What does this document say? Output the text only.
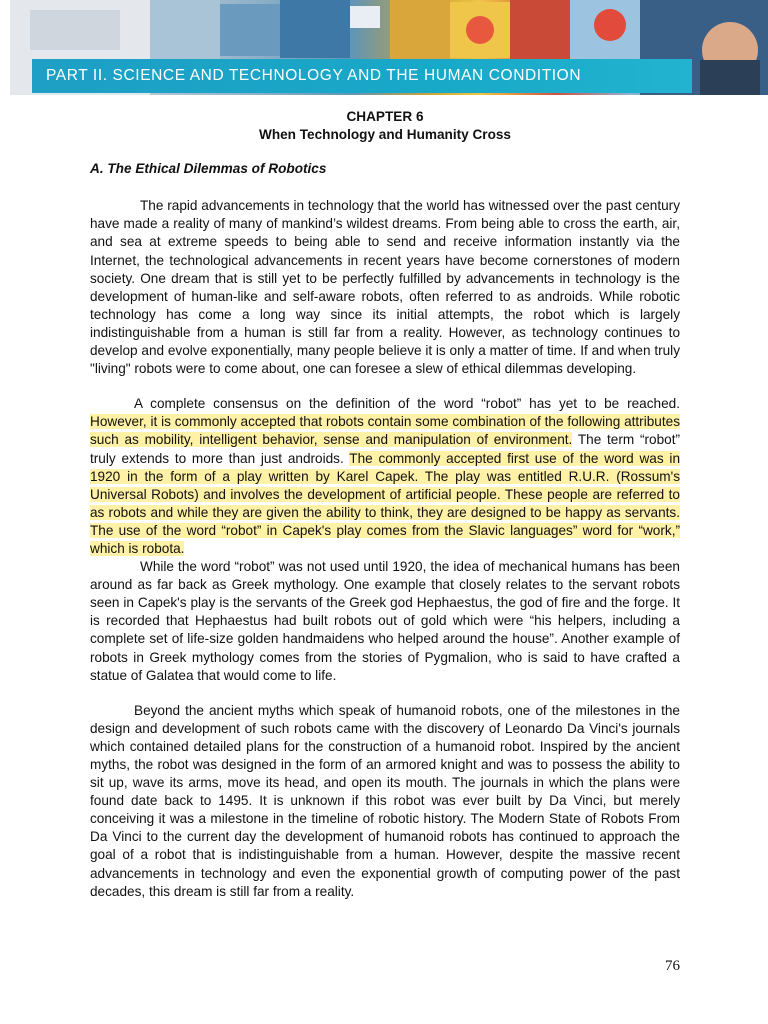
PART II. SCIENCE AND TECHNOLOGY AND THE HUMAN CONDITION
CHAPTER 6
When Technology and Humanity Cross
A. The Ethical Dilemmas of Robotics

The rapid advancements in technology that the world has witnessed over the past century have made a reality of many of mankind’s wildest dreams. From being able to cross the earth, air, and sea at extreme speeds to being able to send and receive information instantly via the Internet, the technological advancements in recent years have become cornerstones of modern society. One dream that is still yet to be perfectly fulfilled by advancements in technology is the development of human-like and self-aware robots, often referred to as androids. While robotic technology has come a long way since its initial attempts, the robot which is largely indistinguishable from a human is still far from a reality. However, as technology continues to develop and evolve exponentially, many people believe it is only a matter of time. If and when truly "living" robots were to come about, one can foresee a slew of ethical dilemmas developing.

A complete consensus on the definition of the word “robot” has yet to be reached. However, it is commonly accepted that robots contain some combination of the following attributes such as mobility, intelligent behavior, sense and manipulation of environment. The term “robot” truly extends to more than just androids. The commonly accepted first use of the word was in 1920 in the form of a play written by Karel Capek. The play was entitled R.U.R. (Rossum's Universal Robots) and involves the development of artificial people. These people are referred to as robots and while they are given the ability to think, they are designed to be happy as servants. The use of the word “robot” in Capek's play comes from the Slavic languages” word for “work,” which is robota.

While the word “robot” was not used until 1920, the idea of mechanical humans has been around as far back as Greek mythology. One example that closely relates to the servant robots seen in Capek's play is the servants of the Greek god Hephaestus, the god of fire and the forge. It is recorded that Hephaestus had built robots out of gold which were “his helpers, including a complete set of life-size golden handmaidens who helped around the house”. Another example of robots in Greek mythology comes from the stories of Pygmalion, who is said to have crafted a statue of Galatea that would come to life.

Beyond the ancient myths which speak of humanoid robots, one of the milestones in the design and development of such robots came with the discovery of Leonardo Da Vinci's journals which contained detailed plans for the construction of a humanoid robot. Inspired by the ancient myths, the robot was designed in the form of an armored knight and was to possess the ability to sit up, wave its arms, move its head, and open its mouth. The journals in which the plans were found date back to 1495. It is unknown if this robot was ever built by Da Vinci, but merely conceiving it was a milestone in the timeline of robotic history. The Modern State of Robots From Da Vinci to the current day the development of humanoid robots has continued to approach the goal of a robot that is indistinguishable from a human. However, despite the massive recent advancements in technology and even the exponential growth of computing power of the past decades, this dream is still far from a reality.

76
